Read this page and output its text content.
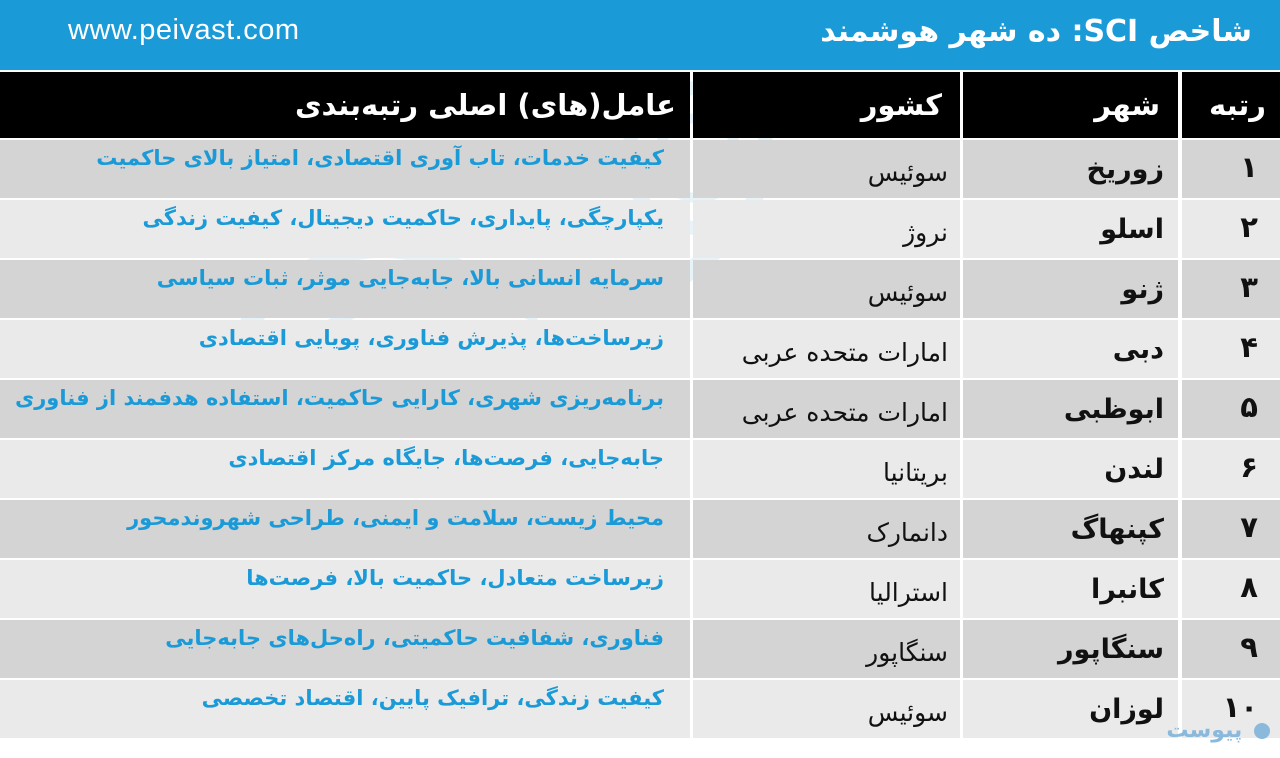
www.peivast.com	شاخص SCI: ده شهر هوشمند
رتبه
شهر
کشور
عامل(های) اصلی رتبه‌بندی
۱
زوریخ
سوئیس
کیفیت خدمات، تاب آوری اقتصادی، امتیاز بالای حاکمیت
۲
اسلو
نروژ
یکپارچگی، پایداری، حاکمیت دیجیتال، کیفیت زندگی
۳
ژنو
سوئیس
سرمایه انسانی بالا، جابه‌جایی موثر، ثبات سیاسی
۴
دبی
امارات متحده عربی
زیرساخت‌ها، پذیرش فناوری، پویایی اقتصادی
۵
ابوظبی
امارات متحده عربی
برنامه‌ریزی شهری، کارایی حاکمیت، استفاده هدفمند از فناوری
۶
لندن
بریتانیا
جابه‌جایی، فرصت‌ها، جایگاه مرکز اقتصادی
۷
کپنهاگ
دانمارک
محیط زیست، سلامت و ایمنی، طراحی شهروندمحور
۸
کانبرا
استرالیا
زیرساخت متعادل، حاکمیت بالا، فرصت‌ها
۹
سنگاپور
سنگاپور
فناوری، شفافیت حاکمیتی، راه‌حل‌های جابه‌جایی
۱۰
لوزان
سوئیس
کیفیت زندگی، ترافیک پایین، اقتصاد تخصصی
پیوست
